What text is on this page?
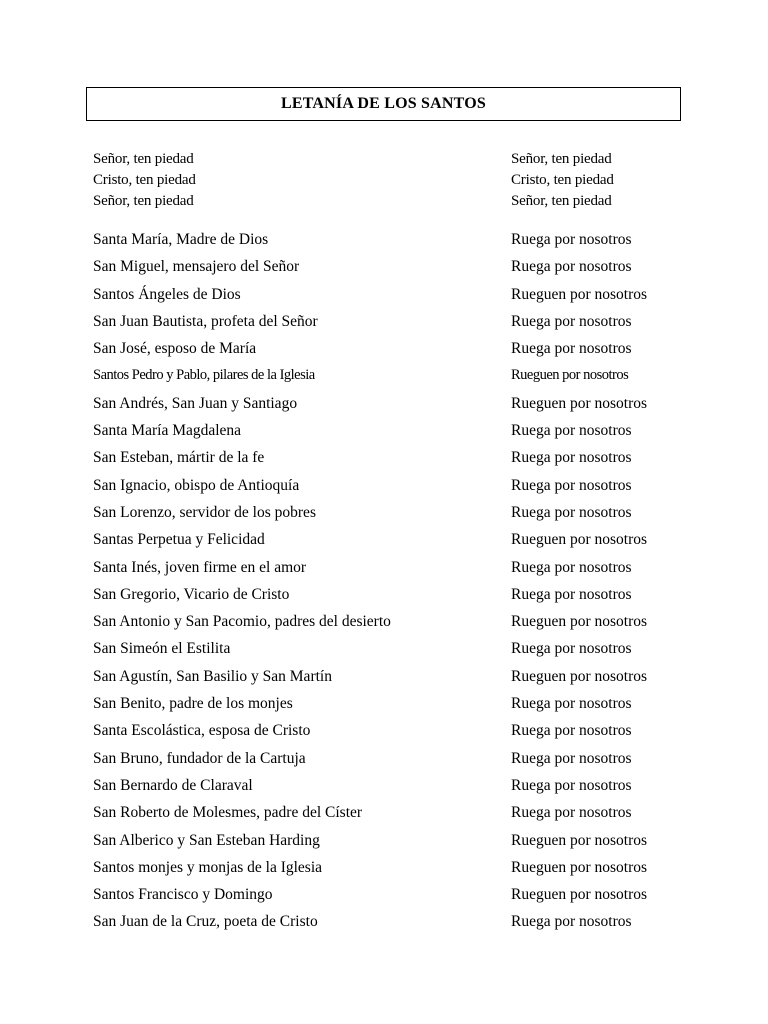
LETANÍA DE LOS SANTOS
Señor, ten piedad	Señor, ten piedad
Cristo, ten piedad	Cristo, ten piedad
Señor, ten piedad	Señor, ten piedad
Santa María, Madre de Dios	Ruega por nosotros
San Miguel, mensajero del Señor	Ruega por nosotros
Santos Ángeles de Dios	Rueguen por nosotros
San Juan Bautista, profeta del Señor	Ruega por nosotros
San José, esposo de María	Ruega por nosotros
Santos Pedro y Pablo, pilares de la Iglesia	Rueguen por nosotros
San Andrés, San Juan y Santiago	Rueguen por nosotros
Santa María Magdalena	Ruega por nosotros
San Esteban, mártir de la fe	Ruega por nosotros
San Ignacio, obispo de Antioquía	Ruega por nosotros
San Lorenzo, servidor de los pobres	Ruega por nosotros
Santas Perpetua y Felicidad	Rueguen por nosotros
Santa Inés, joven firme en el amor	Ruega por nosotros
San Gregorio, Vicario de Cristo	Ruega por nosotros
San Antonio y San Pacomio, padres del desierto	Rueguen por nosotros
San Simeón el Estilita	Ruega por nosotros
San Agustín, San Basilio y San Martín	Rueguen por nosotros
San Benito, padre de los monjes	Ruega por nosotros
Santa Escolástica, esposa de Cristo	Ruega por nosotros
San Bruno, fundador de la Cartuja	Ruega por nosotros
San Bernardo de Claraval	Ruega por nosotros
San Roberto de Molesmes, padre del Císter	Ruega por nosotros
San Alberico y San Esteban Harding	Rueguen por nosotros
Santos monjes y monjas de la Iglesia	Rueguen por nosotros
Santos Francisco y Domingo	Rueguen por nosotros
San Juan de la Cruz, poeta de Cristo	Ruega por nosotros
